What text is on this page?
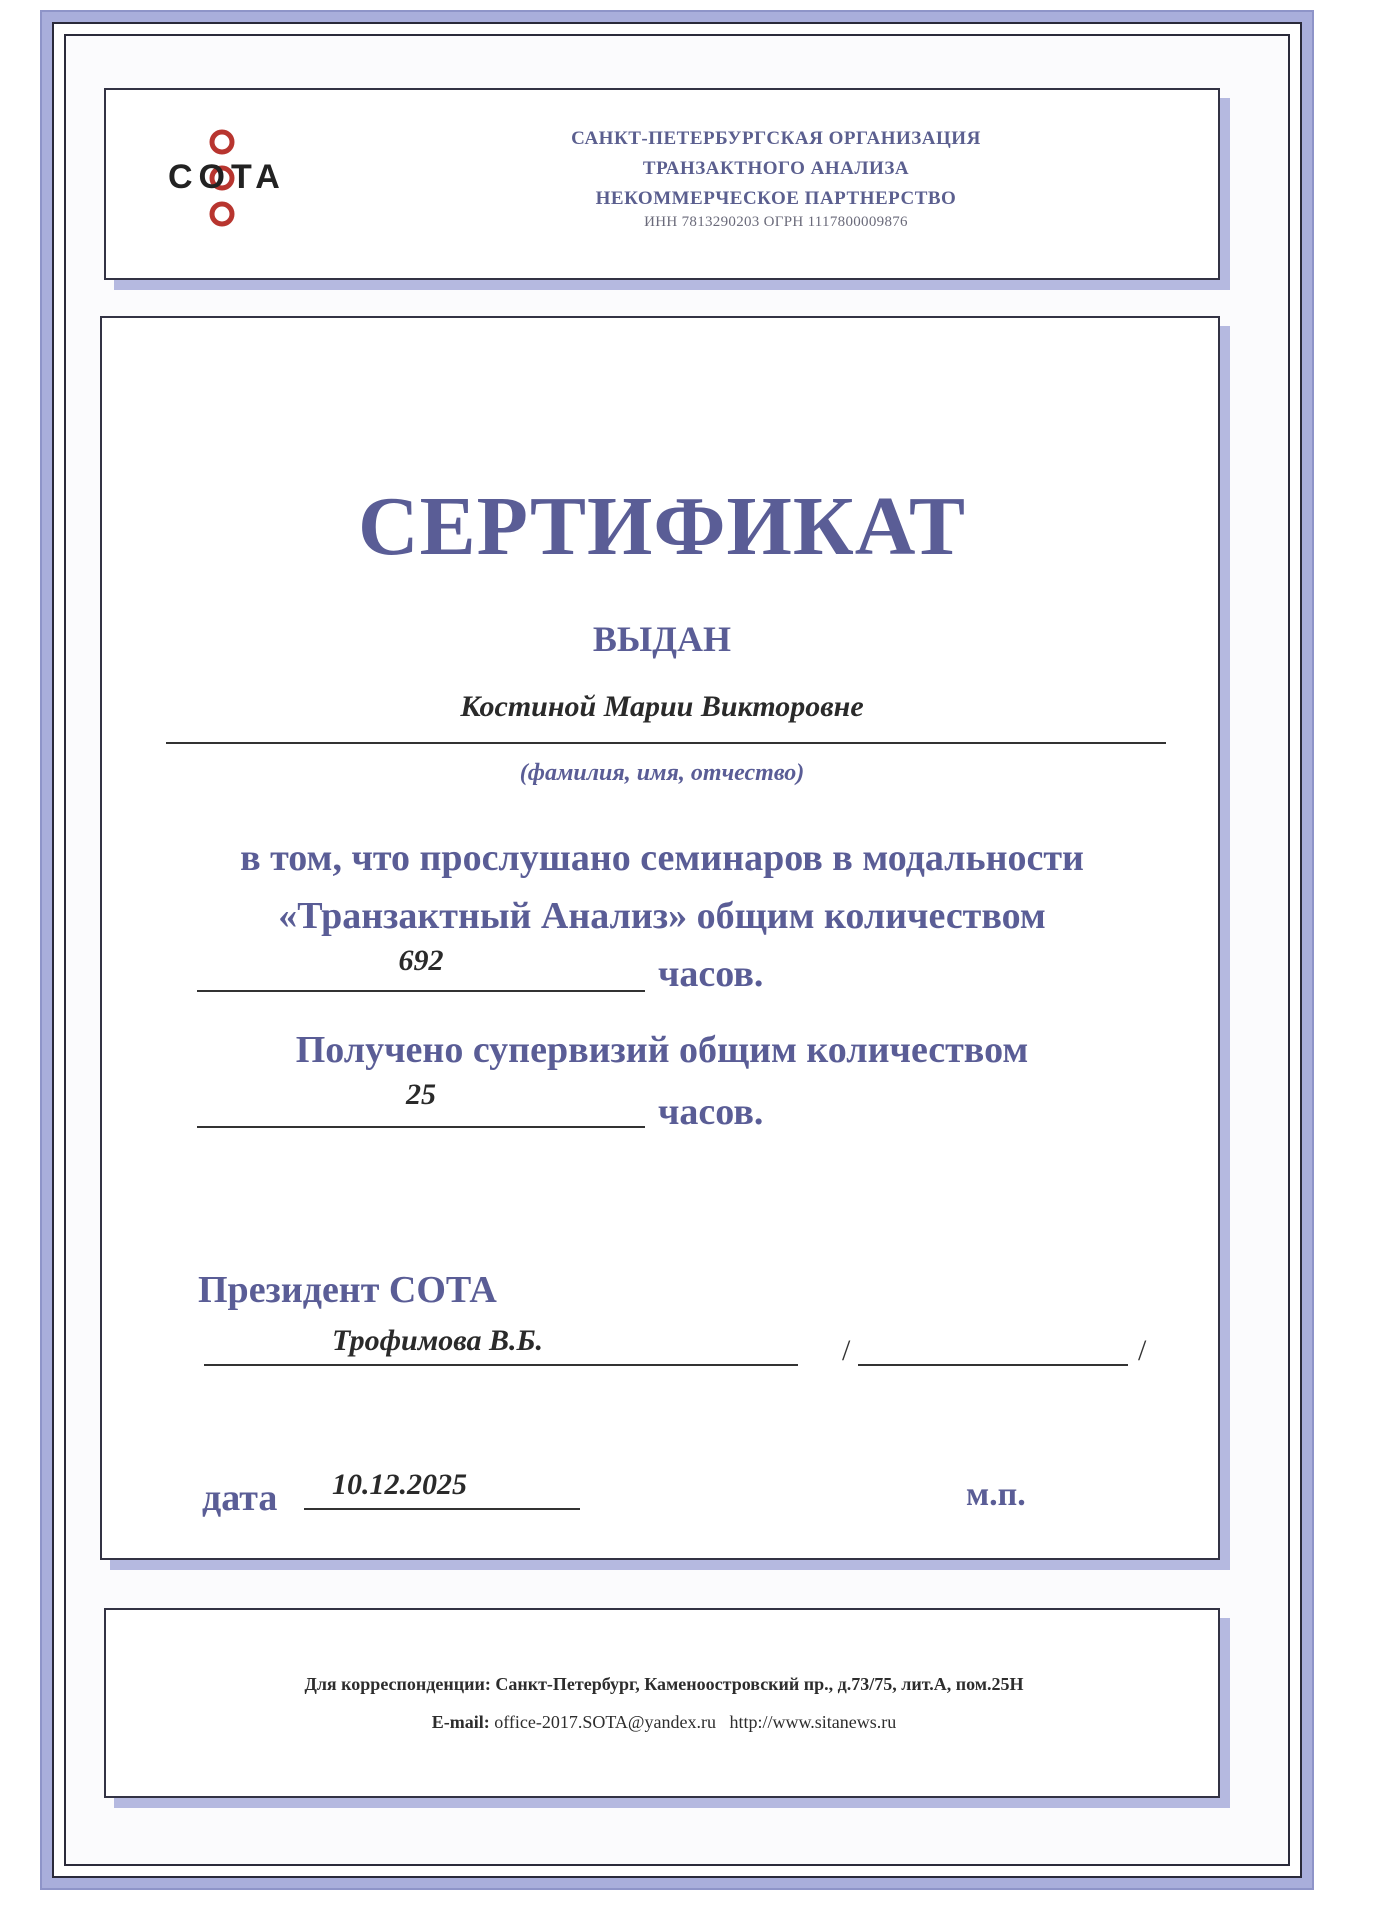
COTA
САНКТ-ПЕТЕРБУРГСКАЯ ОРГАНИЗАЦИЯ
ТРАНЗАКТНОГО АНАЛИЗА
НЕКОММЕРЧЕСКОЕ ПАРТНЕРСТВО
ИНН 7813290203 ОГРН 1117800009876
СЕРТИФИКАТ
ВЫДАН
Костиной Марии Викторовне
(фамилия, имя, отчество)
в том, что прослушано семинаров в модальности
«Транзактный Анализ» общим количеством
692	часов.
Получено супервизий общим количеством
25	часов.
Президент СОТА
Трофимова В.Б.	/	/
дата 10.12.2025	м.п.
Для корреспонденции: Санкт-Петербург, Каменоостровский пр., д.73/75, лит.А, пом.25Н
E-mail: office-2017.SOTA@yandex.ru http://www.sitanews.ru
